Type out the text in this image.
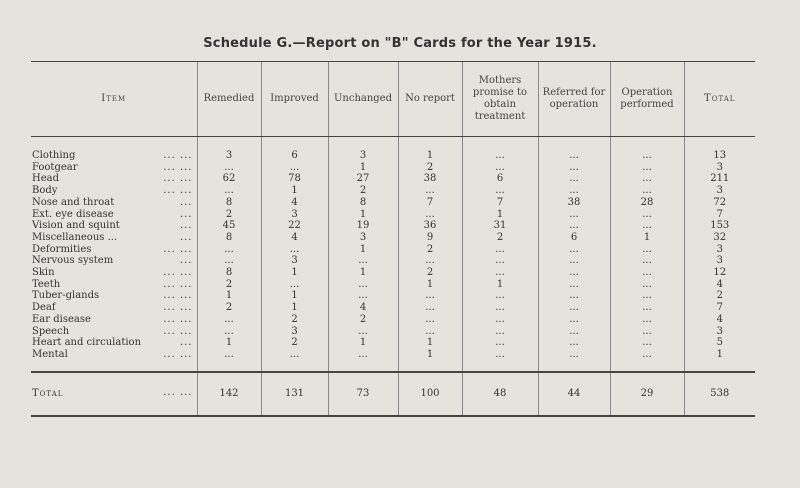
Schedule G.—Report on "B" Cards for the Year 1915.
Item	Remedied	Improved	Unchanged	No report	Mothers promise to obtain treatment	Referred for operation	Operation performed	Total
Clothing ... ...	3	6	3	1	...	...	...	13
Footgear ... ...	...	...	1	2	...	...	...	3
Head ... ...	62	78	27	38	6	...	...	211
Body ... ...	...	1	2	...	...	...	...	3
Nose and throat ...	8	4	8	7	7	38	28	72
Ext. eye disease ...	2	3	1	...	1	...	...	7
Vision and squint ...	45	22	19	36	31	...	...	153
Miscellaneous ... ...	8	4	3	9	2	6	1	32
Deformities ... ...	...	...	1	2	...	...	...	3
Nervous system ...	...	3	...	...	...	...	...	3
Skin ... ...	8	1	1	2	...	...	...	12
Teeth ... ...	2	...	...	1	1	...	...	4
Tuber-glands ... ...	1	1	...	...	...	...	...	2
Deaf ... ...	2	1	4	...	...	...	...	7
Ear disease ... ...	...	2	2	...	...	...	...	4
Speech ... ...	...	3	...	...	...	...	...	3
Heart and circulation ...	1	2	1	1	...	...	...	5
Mental ... ...	...	...	...	1	...	...	...	1
Total ... ...	142	131	73	100	48	44	29	538
